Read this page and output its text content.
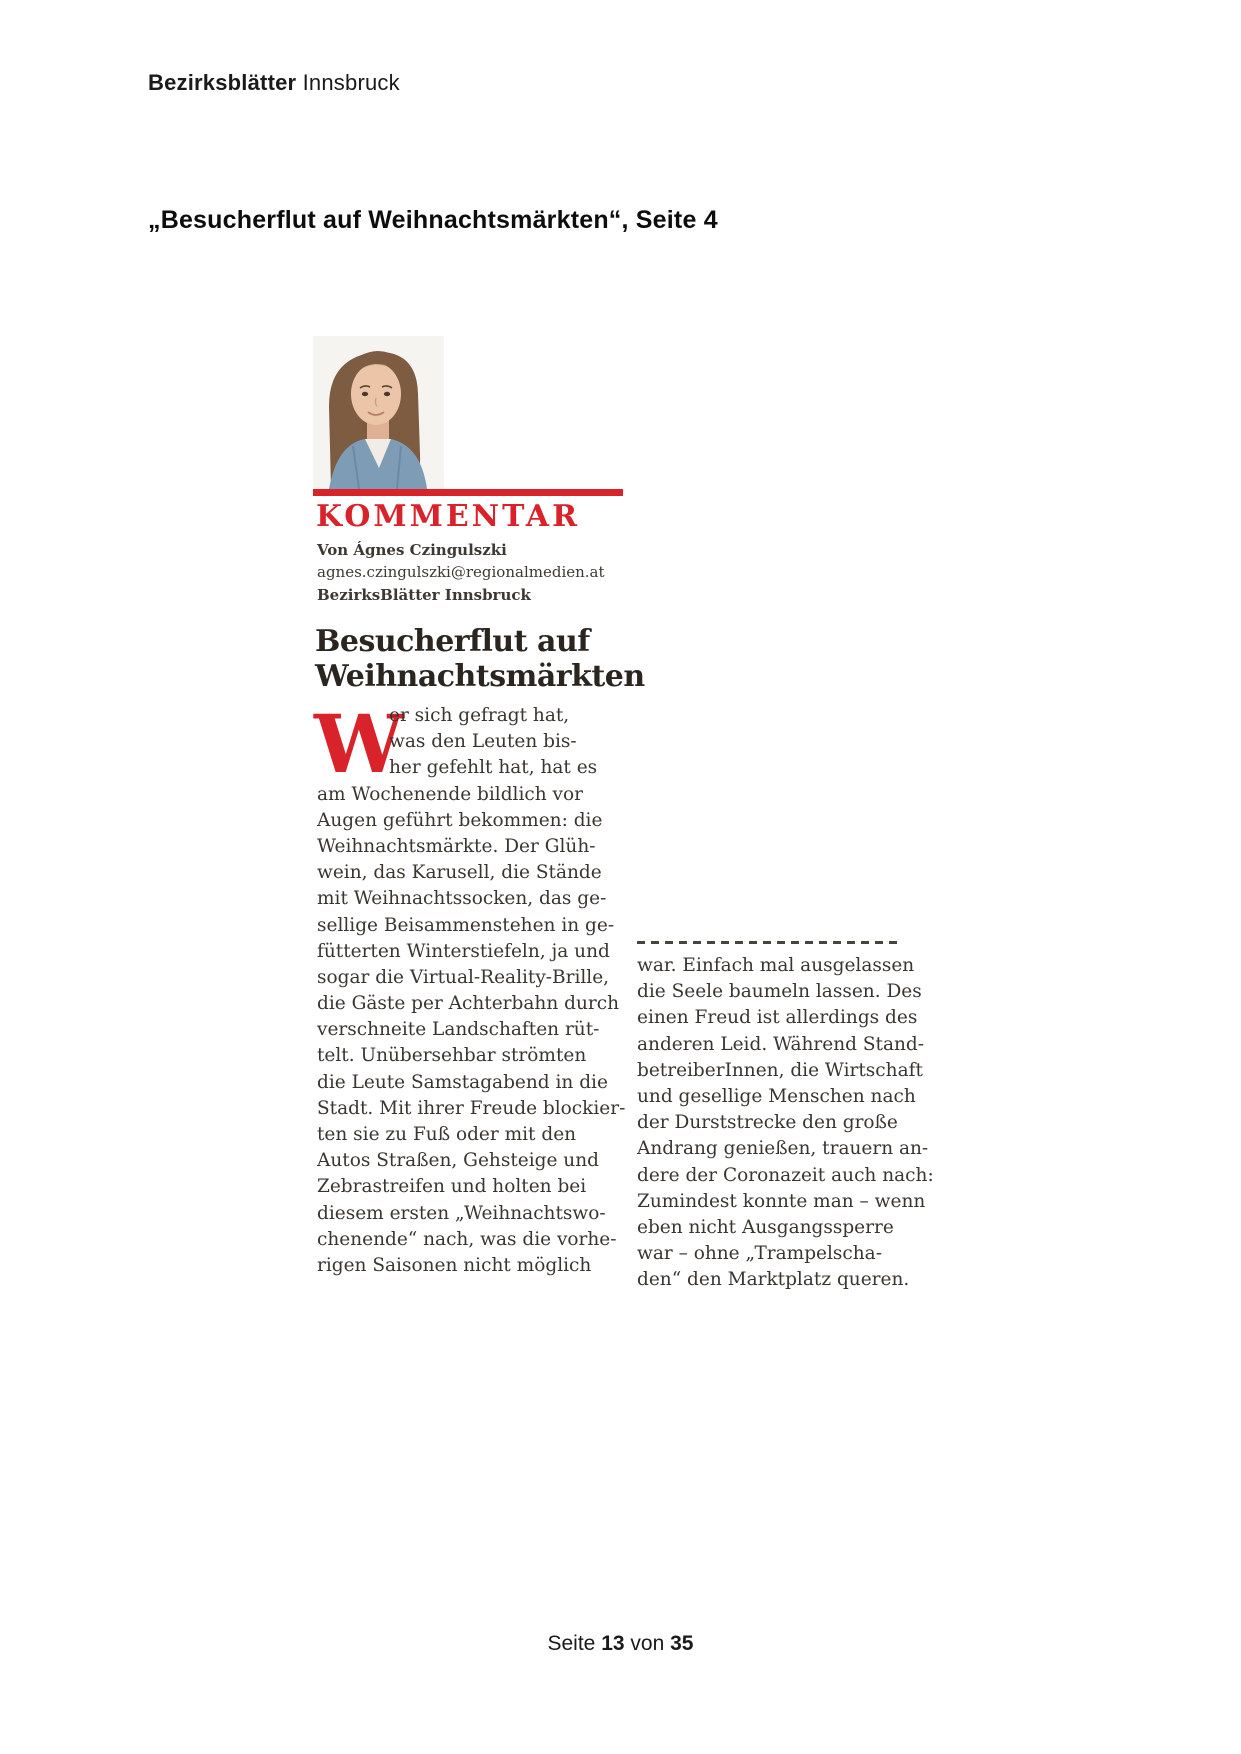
Bezirksblätter Innsbruck
„Besucherflut auf Weihnachtsmärkten“, Seite 4
KOMMENTAR
Von Ágnes Czingulszki
agnes.czingulszki@regionalmedien.at
BezirksBlätter Innsbruck
Besucherflut auf
Weihnachtsmärkten
W
er sich gefragt hat,
was den Leuten bis-
her gefehlt hat, hat es
am Wochenende bildlich vor
Augen geführt bekommen: die
Weihnachtsmärkte. Der Glüh-
wein, das Karusell, die Stände
mit Weihnachtssocken, das ge-
sellige Beisammenstehen in ge-
fütterten Winterstiefeln, ja und
sogar die Virtual-Reality-Brille,
die Gäste per Achterbahn durch
verschneite Landschaften rüt-
telt. Unübersehbar strömten
die Leute Samstagabend in die
Stadt. Mit ihrer Freude blockier-
ten sie zu Fuß oder mit den
Autos Straßen, Gehsteige und
Zebrastreifen und holten bei
diesem ersten „Weihnachtswo-
chenende“ nach, was die vorhe-
rigen Saisonen nicht möglich
war. Einfach mal ausgelassen
die Seele baumeln lassen. Des
einen Freud ist allerdings des
anderen Leid. Während Stand-
betreiberInnen, die Wirtschaft
und gesellige Menschen nach
der Durststrecke den große
Andrang genießen, trauern an-
dere der Coronazeit auch nach:
Zumindest konnte man – wenn
eben nicht Ausgangssperre
war – ohne „Trampelscha-
den“ den Marktplatz queren.
Seite 13 von 35
